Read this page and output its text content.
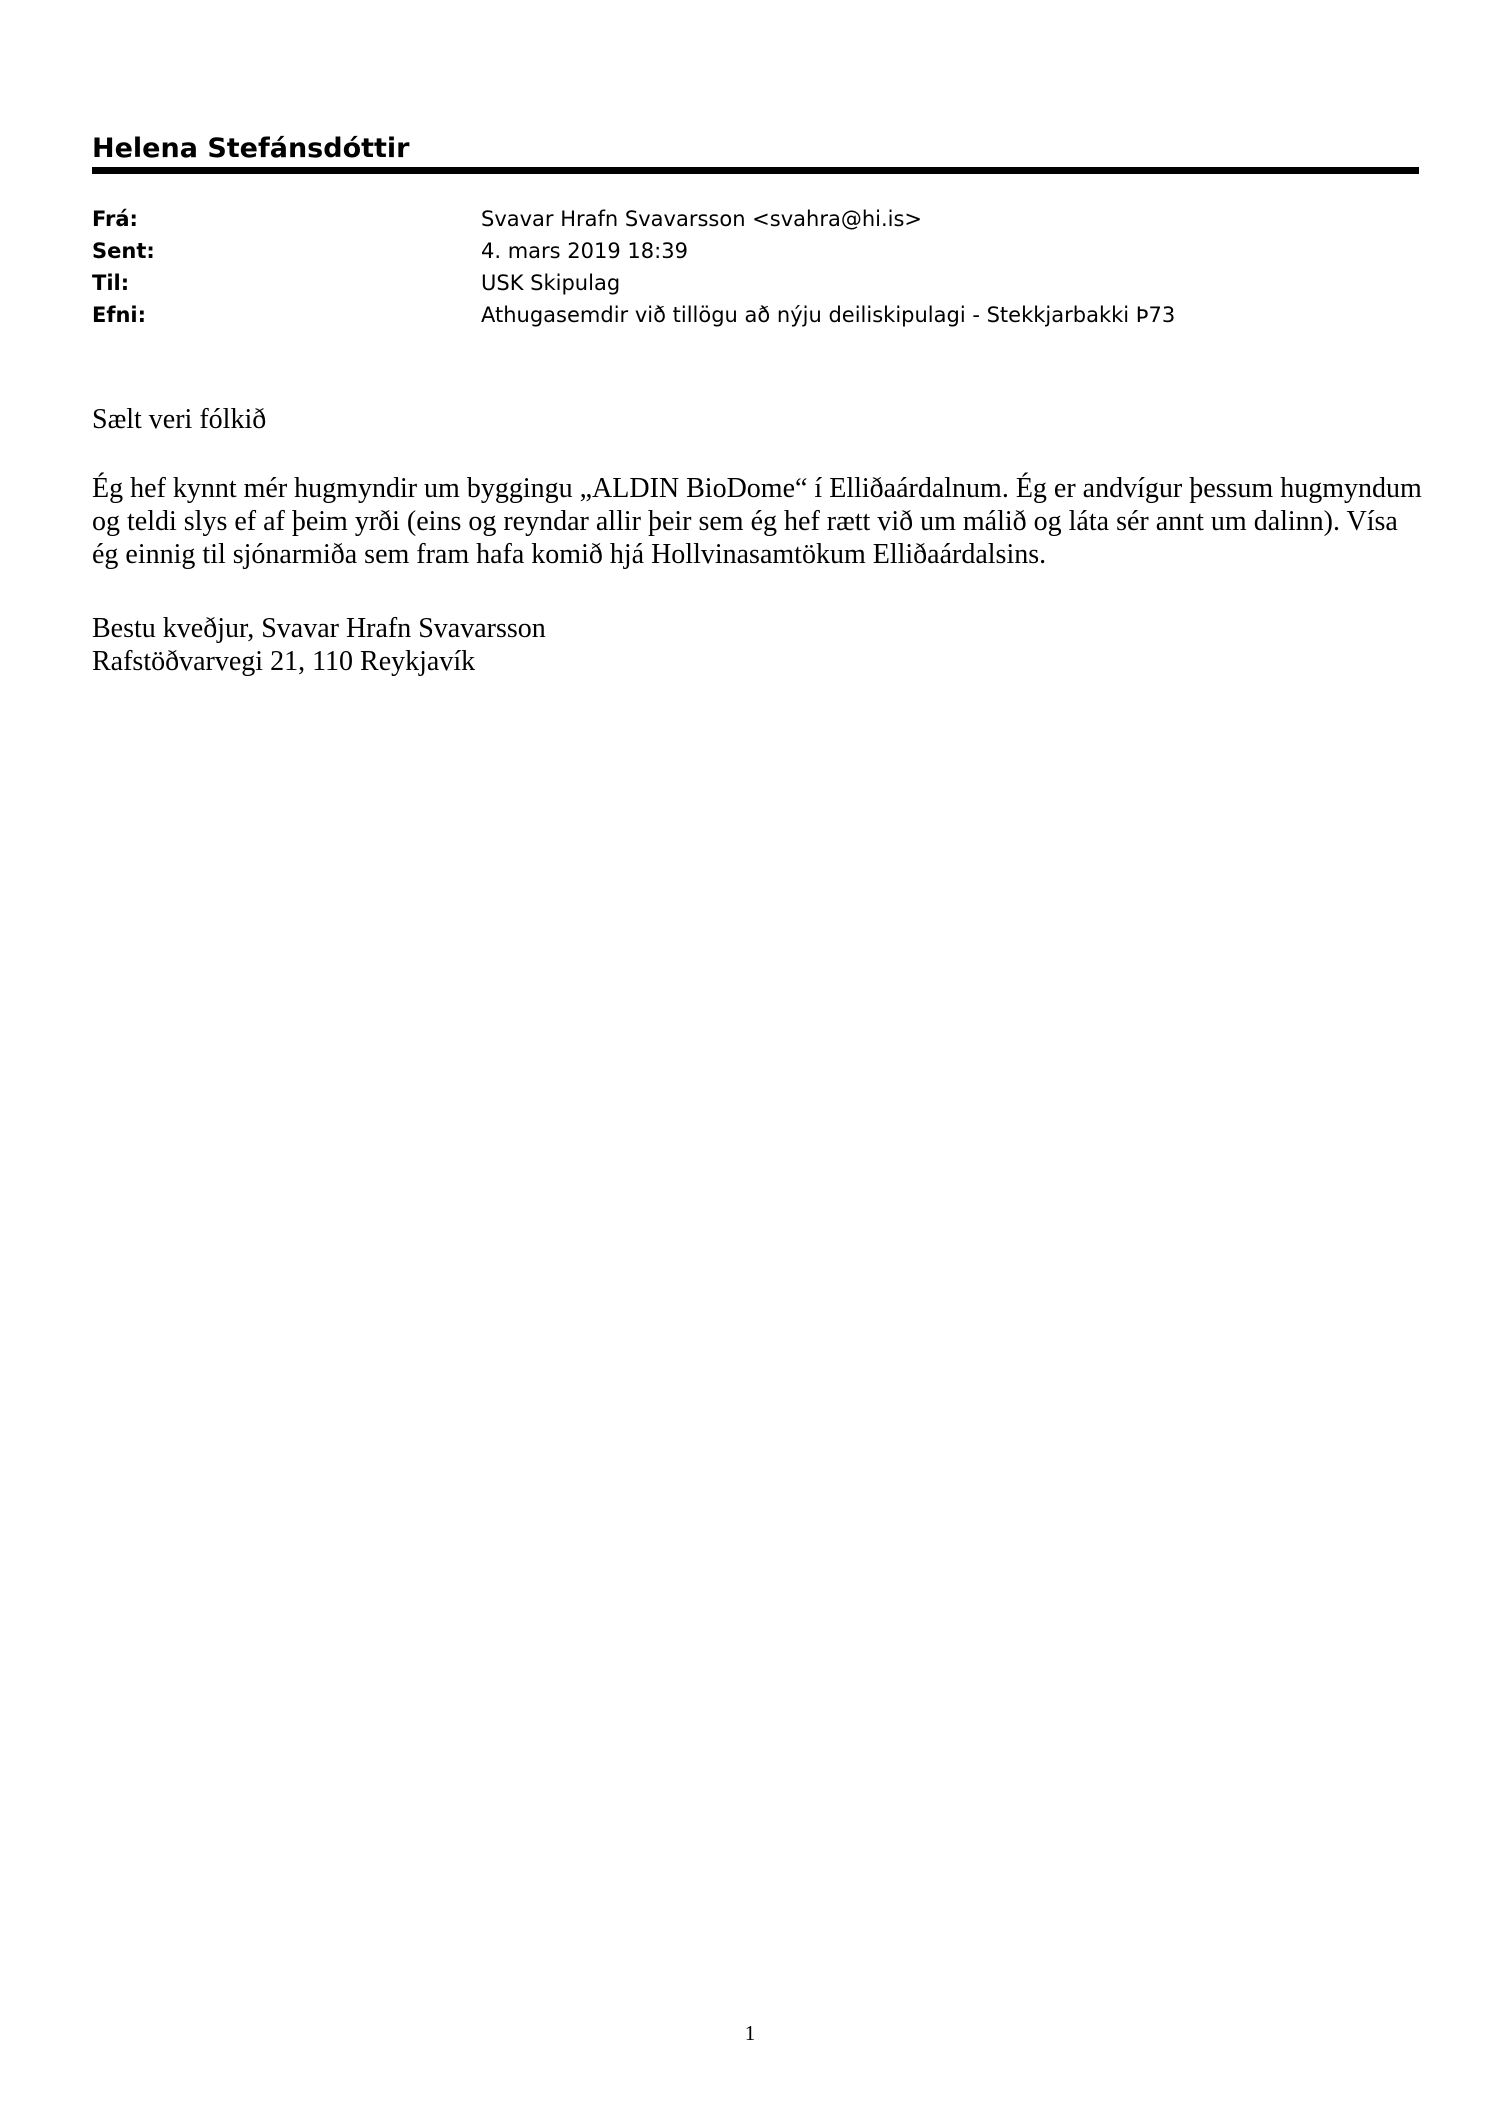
Helena Stefánsdóttir
Frá:	Svavar Hrafn Svavarsson <svahra@hi.is>
Sent:	4. mars 2019 18:39
Til:	USK Skipulag
Efni:	Athugasemdir við tillögu að nýju deiliskipulagi - Stekkjarbakki Þ73
Sælt veri fólkið
Ég hef kynnt mér hugmyndir um byggingu „ALDIN BioDome“ í Elliðaárdalnum. Ég er andvígur þessum hugmyndum og teldi slys ef af þeim yrði (eins og reyndar allir þeir sem ég hef rætt við um málið og láta sér annt um dalinn). Vísa ég einnig til sjónarmiða sem fram hafa komið hjá Hollvinasamtökum Elliðaárdalsins.
Bestu kveðjur, Svavar Hrafn Svavarsson
Rafstöðvarvegi 21, 110 Reykjavík
1
